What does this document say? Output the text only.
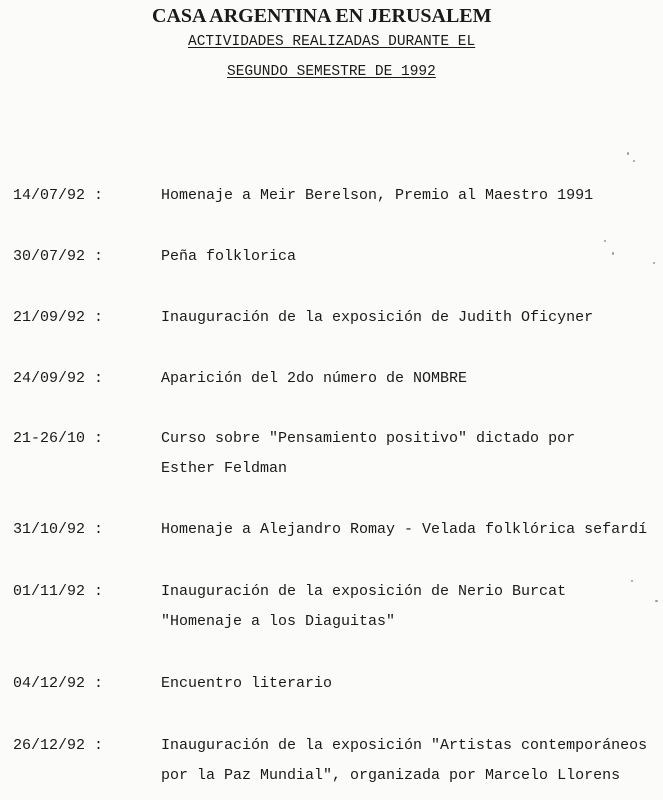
CASA ARGENTINA EN JERUSALEM
ACTIVIDADES REALIZADAS DURANTE EL
SEGUNDO SEMESTRE DE 1992
14/07/92 :	Homenaje a Meir Berelson, Premio al Maestro 1991
30/07/92 :	Peña folklorica
21/09/92 :	Inauguración de la exposición de Judith Oficyner
24/09/92 :	Aparición del 2do número de NOMBRE
21-26/10 :	Curso sobre "Pensamiento positivo" dictado por
Esther Feldman
31/10/92 :	Homenaje a Alejandro Romay - Velada folklórica sefardí
01/11/92 :	Inauguración de la exposición de Nerio Burcat
"Homenaje a los Diaguitas"
04/12/92 :	Encuentro literario
26/12/92 :	Inauguración de la exposición "Artistas contemporáneos
por la Paz Mundial", organizada por Marcelo Llorens
